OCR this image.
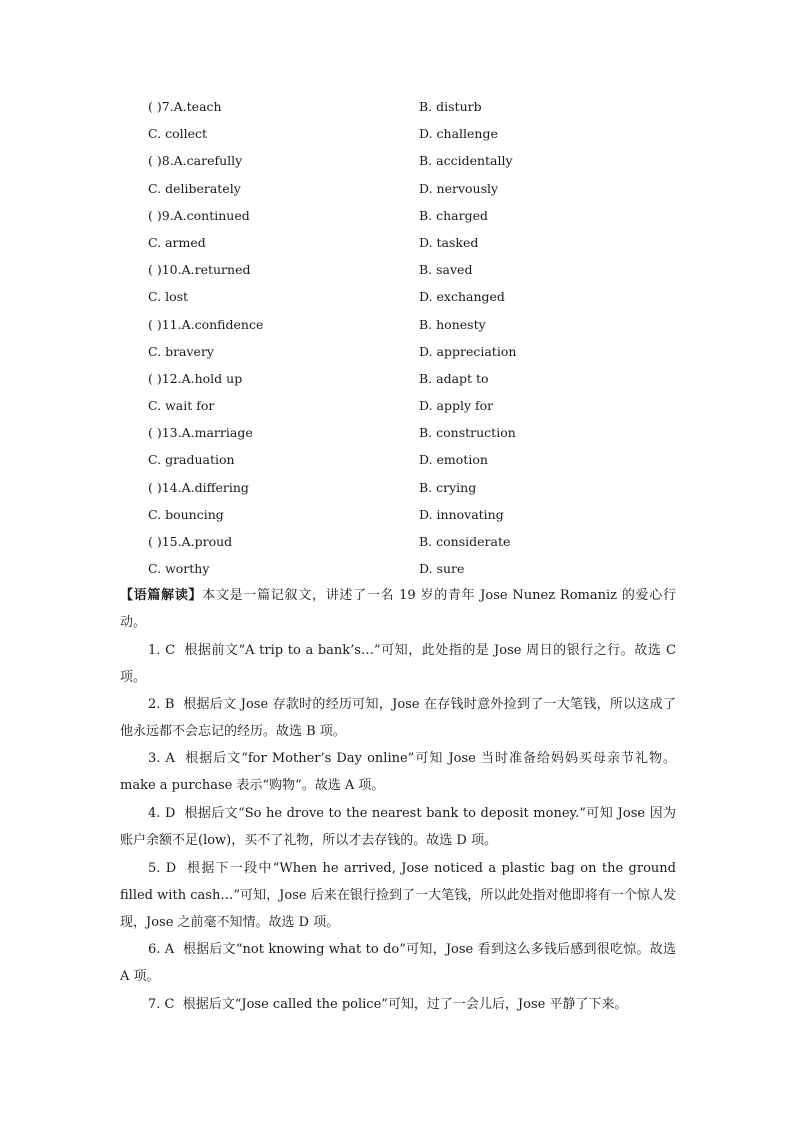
( )7.A.teach	B. disturb
C. collect	D. challenge
( )8.A.carefully	B. accidentally
C. deliberately	D. nervously
( )9.A.continued	B. charged
C. armed	D. tasked
( )10.A.returned	B. saved
C. lost	D. exchanged
( )11.A.confidence	B. honesty
C. bravery	D. appreciation
( )12.A.hold up	B. adapt to
C. wait for	D. apply for
( )13.A.marriage	B. construction
C. graduation	D. emotion
( )14.A.differing	B. crying
C. bouncing	D. innovating
( )15.A.proud	B. considerate
C. worthy	D. sure

【语篇解读】本文是一篇记叙文，讲述了一名 19 岁的青年 Jose Nunez Romaniz 的爱心行动。

1. C 根据前文“A trip to a bank’s…”可知，此处指的是 Jose 周日的银行之行。故选 C 项。

2. B 根据后文 Jose 存款时的经历可知，Jose 在存钱时意外捡到了一大笔钱，所以这成了他永远都不会忘记的经历。故选 B 项。

3. A 根据后文“for Mother’s Day online”可知 Jose 当时准备给妈妈买母亲节礼物。make a purchase 表示“购物”。故选 A 项。

4. D 根据后文“So he drove to the nearest bank to deposit money.”可知 Jose 因为账户余额不足(low)，买不了礼物，所以才去存钱的。故选 D 项。

5. D 根据下一段中“When he arrived, Jose noticed a plastic bag on the ground filled with cash…”可知，Jose 后来在银行捡到了一大笔钱，所以此处指对他即将有一个惊人发现，Jose 之前毫不知情。故选 D 项。

6. A 根据后文“not knowing what to do”可知，Jose 看到这么多钱后感到很吃惊。故选 A 项。

7. C 根据后文“Jose called the police”可知，过了一会儿后，Jose 平静了下来。
